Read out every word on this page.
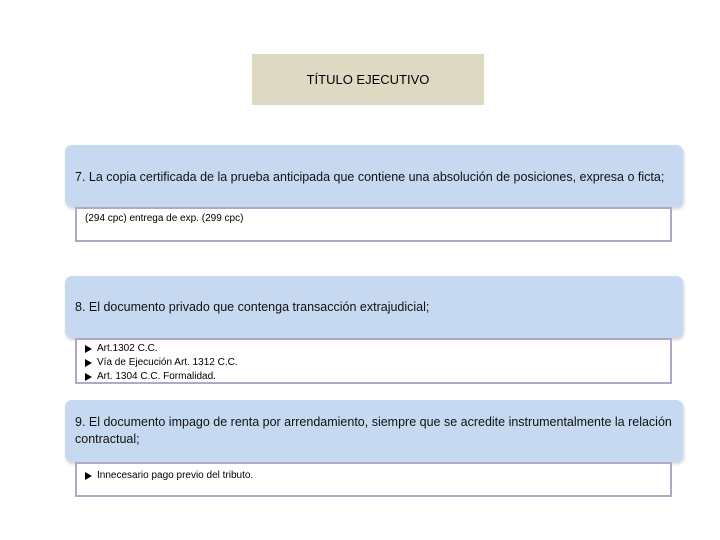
TÍTULO EJECUTIVO
7. La copia certificada de la prueba anticipada que contiene una absolución de posiciones, expresa o ficta;
(294 cpc) entrega de exp. (299 cpc)
8. El documento privado que contenga transacción extrajudicial;
Art.1302 C.C.
Vía de Ejecución Art. 1312 C.C.
Art. 1304 C.C. Formalidad.
9. El documento impago de renta por arrendamiento, siempre que se acredite instrumentalmente la relación contractual;
Innecesario pago previo del tributo.
